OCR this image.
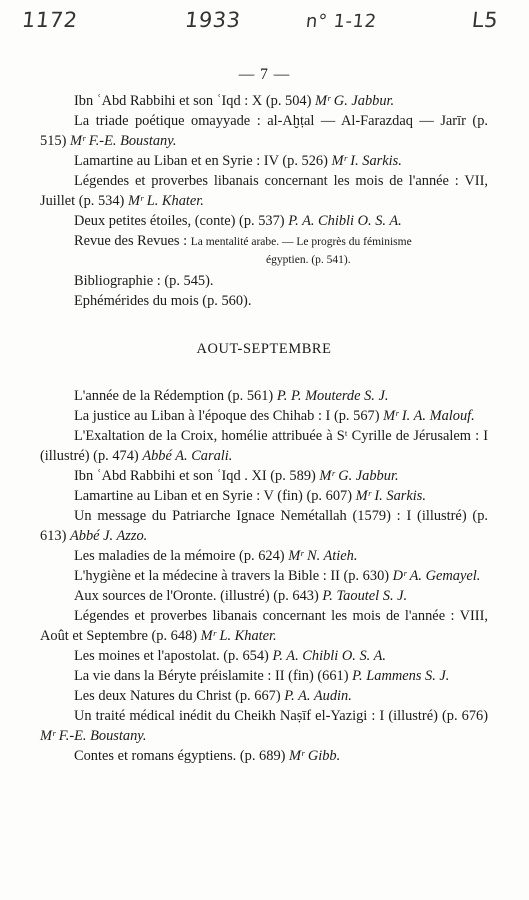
1172	1933	n° 1-12	L5
— 7 —
Ibn ʿAbd Rabbihi et son ʿIqd : X (p. 504) Mʳ G. Jabbur.
La triade poétique omayyade : al-Aḫṭal — Al-Farazdaq — Jarīr (p. 515) Mʳ F.-E. Boustany.
Lamartine au Liban et en Syrie : IV (p. 526) Mʳ I. Sarkis.
Légendes et proverbes libanais concernant les mois de l'année : VII, Juillet (p. 534) Mʳ L. Khater.
Deux petites étoiles, (conte) (p. 537) P. A. Chibli O. S. A.
Revue des Revues : La mentalité arabe. — Le progrès du féminisme
égyptien. (p. 541).
Bibliographie : (p. 545).
Ephémérides du mois (p. 560).
AOUT-SEPTEMBRE
L'année de la Rédemption (p. 561) P. P. Mouterde S. J.
La justice au Liban à l'époque des Chihab : I (p. 567) Mʳ I. A. Malouf.
L'Exaltation de la Croix, homélie attribuée à Sᵗ Cyrille de Jérusalem : I (illustré) (p. 474) Abbé A. Carali.
Ibn ʿAbd Rabbihi et son ʿIqd . XI (p. 589) Mʳ G. Jabbur.
Lamartine au Liban et en Syrie : V (fin) (p. 607) Mʳ I. Sarkis.
Un message du Patriarche Ignace Nemétallah (1579) : I (illustré) (p. 613) Abbé J. Azzo.
Les maladies de la mémoire (p. 624) Mʳ N. Atieh.
L'hygiène et la médecine à travers la Bible : II (p. 630) Dʳ A. Gemayel.
Aux sources de l'Oronte. (illustré) (p. 643) P. Taoutel S. J.
Légendes et proverbes libanais concernant les mois de l'année : VIII, Août et Septembre (p. 648) Mʳ L. Khater.
Les moines et l'apostolat. (p. 654) P. A. Chibli O. S. A.
La vie dans la Béryte préislamite : II (fin) (661) P. Lammens S. J.
Les deux Natures du Christ (p. 667) P. A. Audin.
Un traité médical inédit du Cheikh Naṣīf el-Yazigi : I (illustré) (p. 676) Mʳ F.-E. Boustany.
Contes et romans égyptiens. (p. 689) Mʳ Gibb.
